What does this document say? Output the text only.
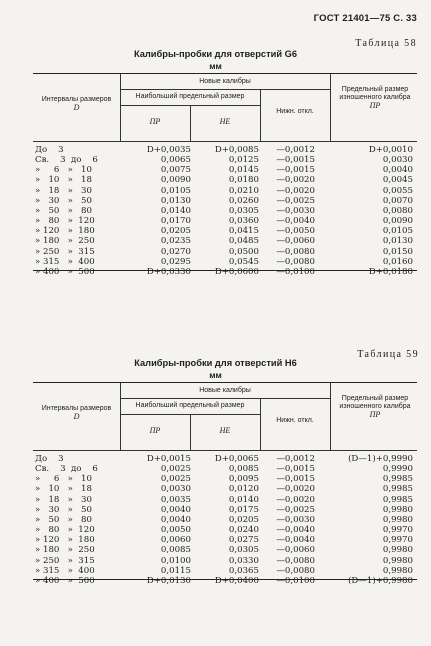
ГОСТ 21401—75 С. 33
Таблица 58
Калибры-пробки для отверстий G6
мм
Интервалы размеров
D
Новые калибры
Наибольший предельный размер
ПР	НЕ
Нижн. откл.
Предельный размер изношенного калибра
ПР
До    3	D+0,0035	D+0,0085	—0,0012	D+0,0010
Св.    3  до    6	0,0065	0,0125	—0,0015	0,0030
»     6   »   10	0,0075	0,0145	—0,0015	0,0040
»   10   »   18	0,0090	0,0180	—0,0020	0,0045
»   18   »   30	0,0105	0,0210	—0,0020	0,0055
»   30   »   50	0,0130	0,0260	—0,0025	0,0070
»   50   »   80	0,0140	0,0305	—0,0030	0,0080
»   80   »  120	0,0170	0,0360	—0,0040	0,0090
» 120   »  180	0,0205	0,0415	—0,0050	0,0105
» 180   »  250	0,0235	0,0485	—0,0060	0,0130
» 250   »  315	0,0270	0,0500	—0,0080	0,0150
» 315   »  400	0,0295	0,0545	—0,0080	0,0160
» 400   »  500	D+0,0330	D+0,0600	—0,0100	D+0,0180
Таблица 59
Калибры-пробки для отверстий H6
мм
Интервалы размеров
D
Новые калибры
Наибольший предельный размер
ПР	НЕ
Нижн. откл.
Предельный размер изношенного калибра
ПР
До    3	D+0,0015	D+0,0065	—0,0012	(D—1)+0,9990
Св.    3  до    6	0,0025	0,0085	—0,0015	0,9990
»     6   »   10	0,0025	0,0095	—0,0015	0,9985
»   10   »   18	0,0030	0,0120	—0,0020	0,9985
»   18   »   30	0,0035	0,0140	—0,0020	0,9985
»   30   »   50	0,0040	0,0175	—0,0025	0,9980
»   50   »   80	0,0040	0,0205	—0,0030	0,9980
»   80   »  120	0,0050	0,0240	—0,0040	0,9970
» 120   »  180	0,0060	0,0275	—0,0040	0,9970
» 180   »  250	0,0085	0,0305	—0,0060	0,9980
» 250   »  315	0,0100	0,0330	—0,0080	0,9980
» 315   »  400	0,0115	0,0365	—0,0080	0,9980
» 400   »  500	D+0,0130	D+0,0400	—0,0100	(D—1)+0,9980
